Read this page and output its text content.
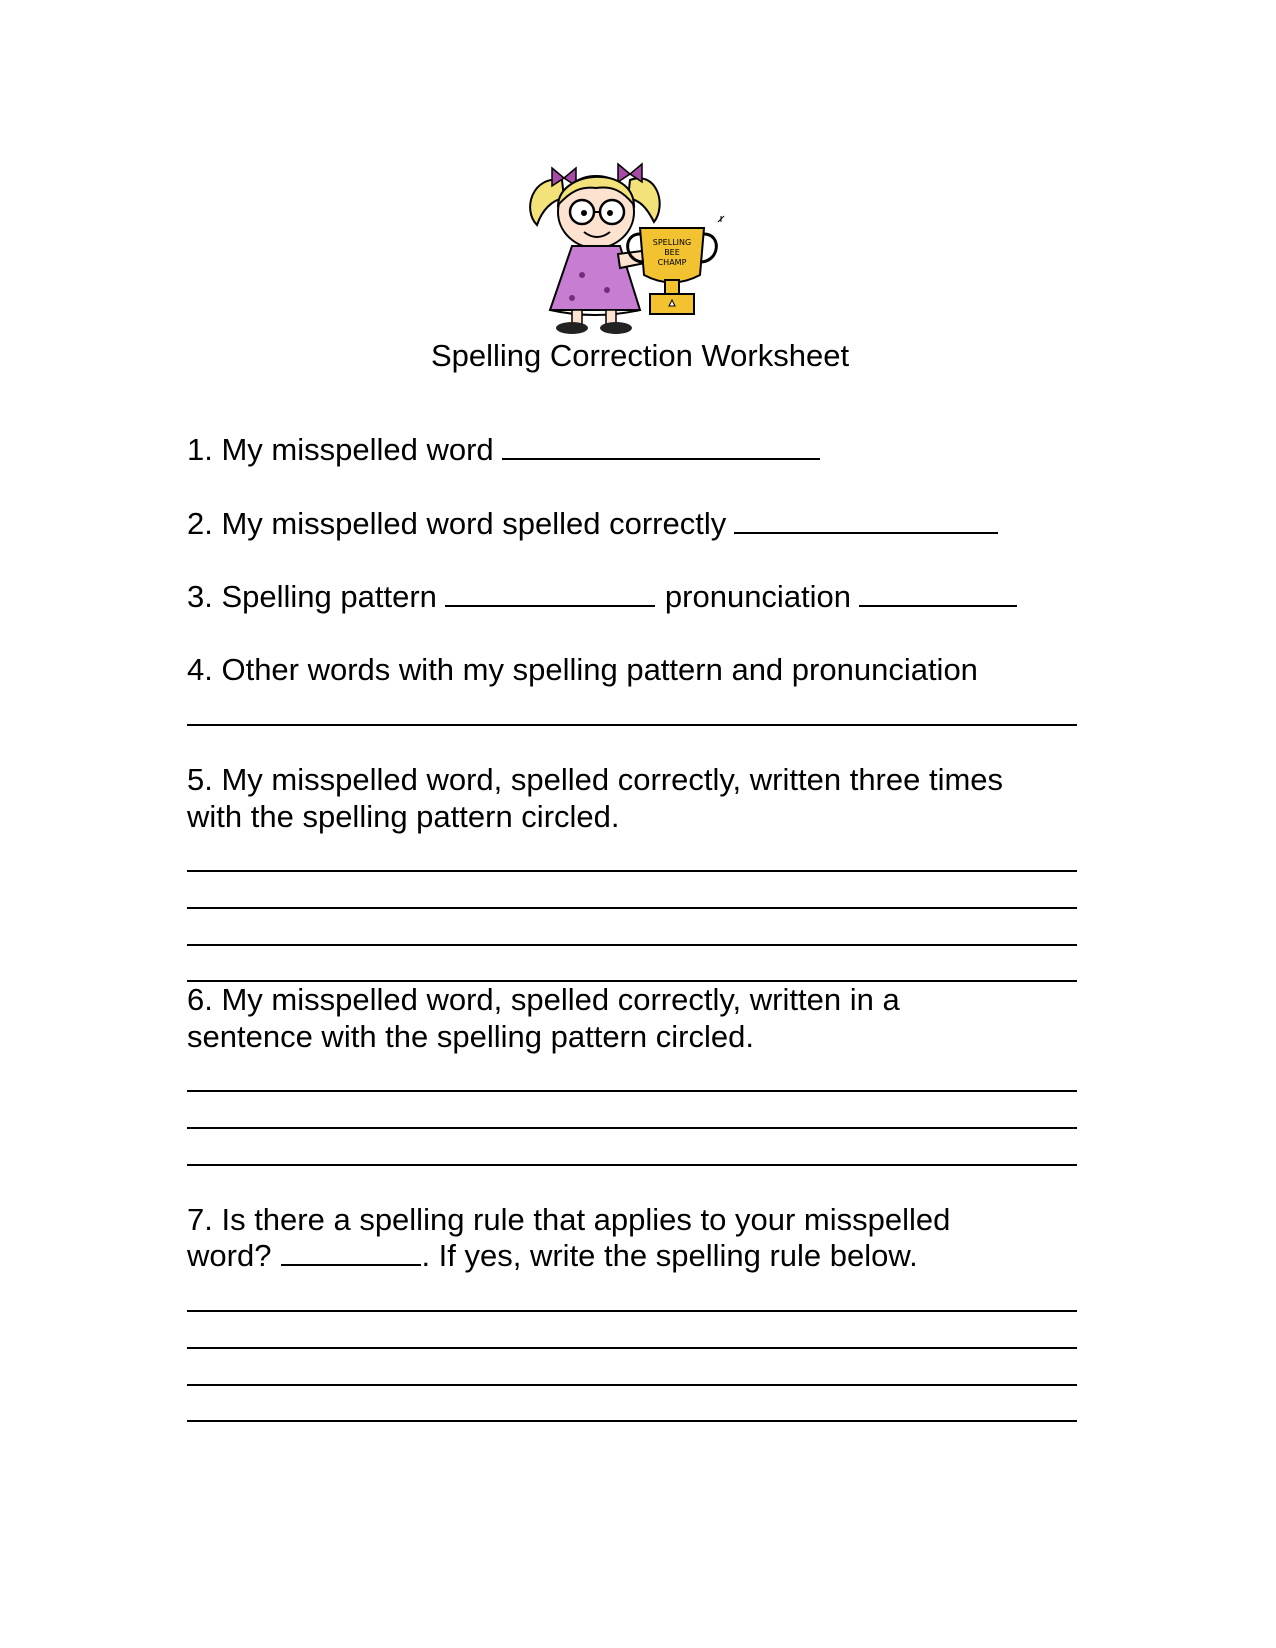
SPELLING
BEE
CHAMP
Spelling Correction Worksheet
1. My misspelled word
2. My misspelled word spelled correctly
3. Spelling pattern	pronunciation
4. Other words with my spelling pattern and pronunciation
5. My misspelled word, spelled correctly, written three times
with the spelling pattern circled.
6. My misspelled word, spelled correctly, written in a
sentence with the spelling pattern circled.
7. Is there a spelling rule that applies to your misspelled
word?	. If yes, write the spelling rule below.
